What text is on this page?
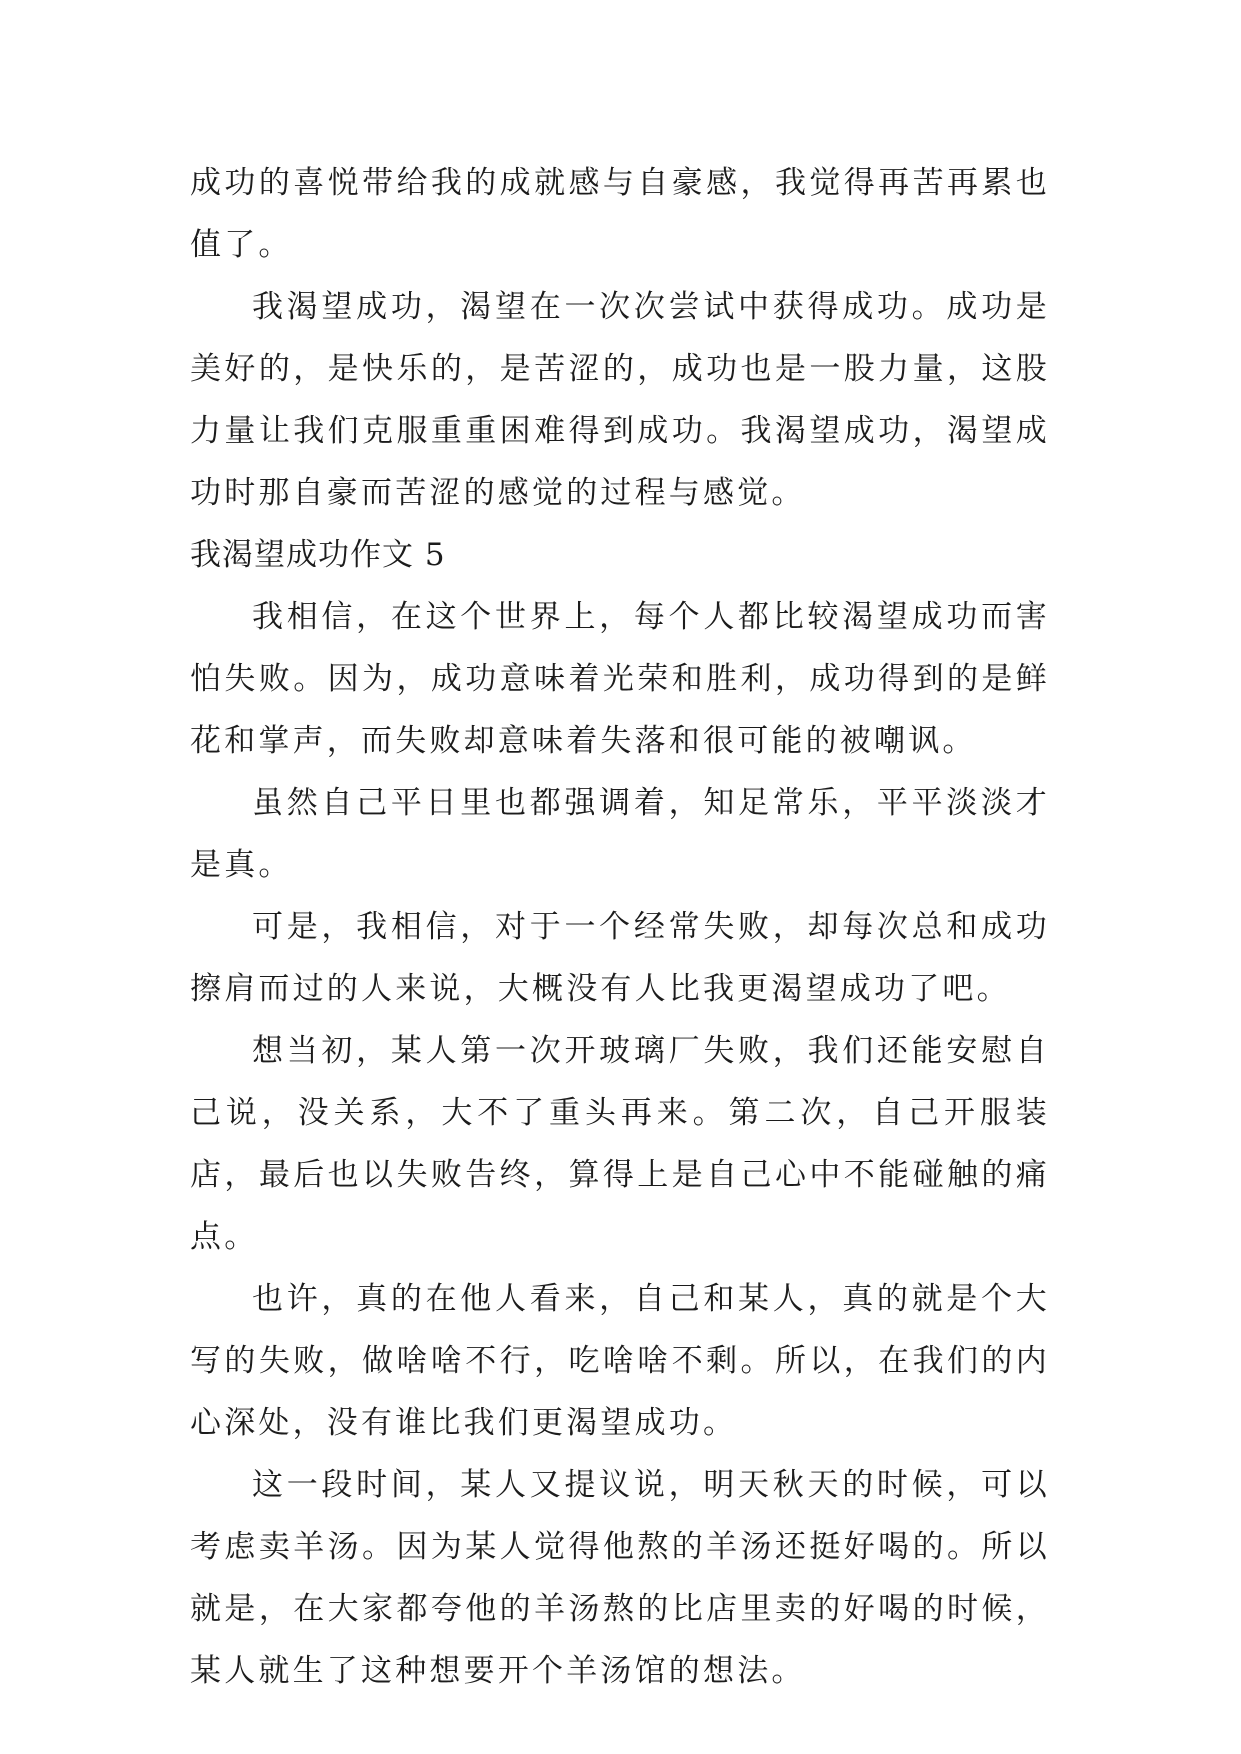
成功的喜悦带给我的成就感与自豪感，我觉得再苦再累也值了。

我渴望成功，渴望在一次次尝试中获得成功。成功是美好的，是快乐的，是苦涩的，成功也是一股力量，这股力量让我们克服重重困难得到成功。我渴望成功，渴望成功时那自豪而苦涩的感觉的过程与感觉。

我渴望成功作文 5

我相信，在这个世界上，每个人都比较渴望成功而害怕失败。因为，成功意味着光荣和胜利，成功得到的是鲜花和掌声，而失败却意味着失落和很可能的被嘲讽。

虽然自己平日里也都强调着，知足常乐，平平淡淡才是真。

可是，我相信，对于一个经常失败，却每次总和成功擦肩而过的人来说，大概没有人比我更渴望成功了吧。

想当初，某人第一次开玻璃厂失败，我们还能安慰自己说，没关系，大不了重头再来。第二次，自己开服装店，最后也以失败告终，算得上是自己心中不能碰触的痛点。

也许，真的在他人看来，自己和某人，真的就是个大写的失败，做啥啥不行，吃啥啥不剩。所以，在我们的内心深处，没有谁比我们更渴望成功。

这一段时间，某人又提议说，明天秋天的时候，可以考虑卖羊汤。因为某人觉得他熬的羊汤还挺好喝的。所以就是，在大家都夸他的羊汤熬的比店里卖的好喝的时候，某人就生了这种想要开个羊汤馆的想法。
